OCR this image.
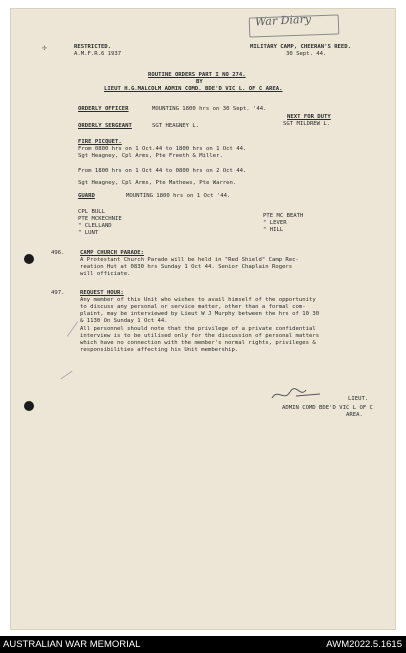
War Diary
✢	RESTRICTED.
A.M.F.R.6 1937
MILITARY CAMP, CHEERAN'S REED.
30 Sept. 44.
ROUTINE ORDERS PART I NO 274.
BY
LIEUT H.G.MALCOLM ADMIN COMD. BDE'D VIC L. OF C AREA.
ORDERLY OFFICER	MOUNTING 1800 hrs on 30 Sept. '44.
NEXT FOR DUTY
ORDERLY SERGEANT	SGT HEAGNEY L.	SGT MILDREW L.
FIRE PICQUET.
From 0800 hrs on 1 Oct.44 to 1800 hrs on 1 Oct 44.
Sgt Heagney, Cpl Arms, Pte Freeth & Miller.
From 1800 hrs on 1 Oct 44 to 0800 hrs on 2 Oct 44.
Sgt Heagney, Cpl Arms, Pte Mathews, Pte Warren.
GUARD	MOUNTING 1800 hrs on 1 Oct '44.
CPL BULL
PTE MCKECHNIE
" CLELLAND
" LUNT
PTE MC BEATH
" LEVER
" HILL
496.	CAMP CHURCH PARADE:
A Protestant Church Parade will be held in "Red Shield" Camp Rec-
reation Hut at 0830 hrs Sunday 1 Oct 44. Senior Chaplain Rogers
will officiate.
497.	REQUEST HOUR:
Any member of this Unit who wishes to avail himself of the opportunity
to discuss any personal or service matter, other than a formal com-
plaint, may be interviewed by Lieut W J Murphy between the hrs of 10 30
& 1130 On Sunday 1 Oct 44.
All personnel should note that the privilege of a private confidential
interview is to be utilised only for the discussion of personal matters
which have no connection with the member's normal rights, privileges &
responsibilities affecting his Unit membership.
LIEUT.
ADMIN COMD BDE'D VIC L OF C
AREA.
AUSTRALIAN WAR MEMORIAL	AWM2022.5.1615
